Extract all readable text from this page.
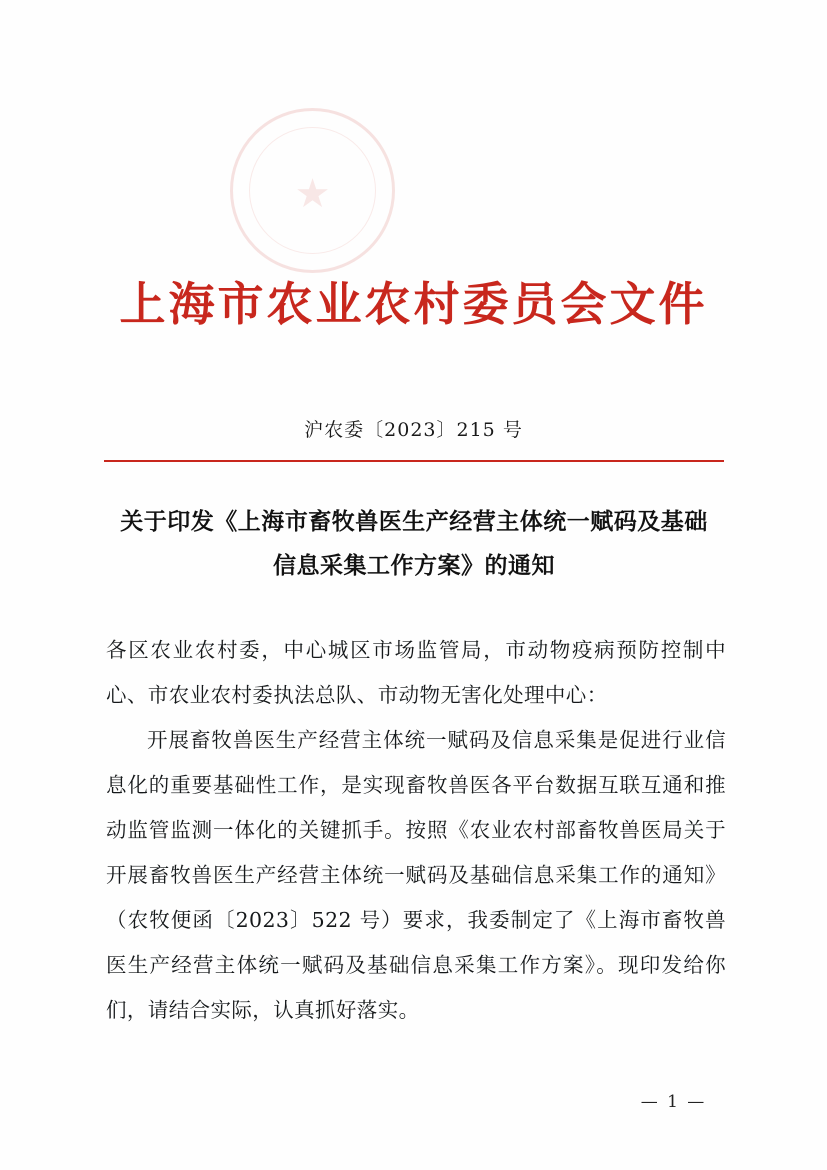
★
上海市农业农村委员会文件
沪农委〔2023〕215 号
关于印发《上海市畜牧兽医生产经营主体统一赋码及基础
信息采集工作方案》的通知

各区农业农村委，中心城区市场监管局，市动物疫病预防控制中心、市农业农村委执法总队、市动物无害化处理中心：

开展畜牧兽医生产经营主体统一赋码及信息采集是促进行业信息化的重要基础性工作，是实现畜牧兽医各平台数据互联互通和推动监管监测一体化的关键抓手。按照《农业农村部畜牧兽医局关于开展畜牧兽医生产经营主体统一赋码及基础信息采集工作的通知》（农牧便函〔2023〕522 号）要求，我委制定了《上海市畜牧兽医生产经营主体统一赋码及基础信息采集工作方案》。现印发给你们，请结合实际，认真抓好落实。

— 1 —
